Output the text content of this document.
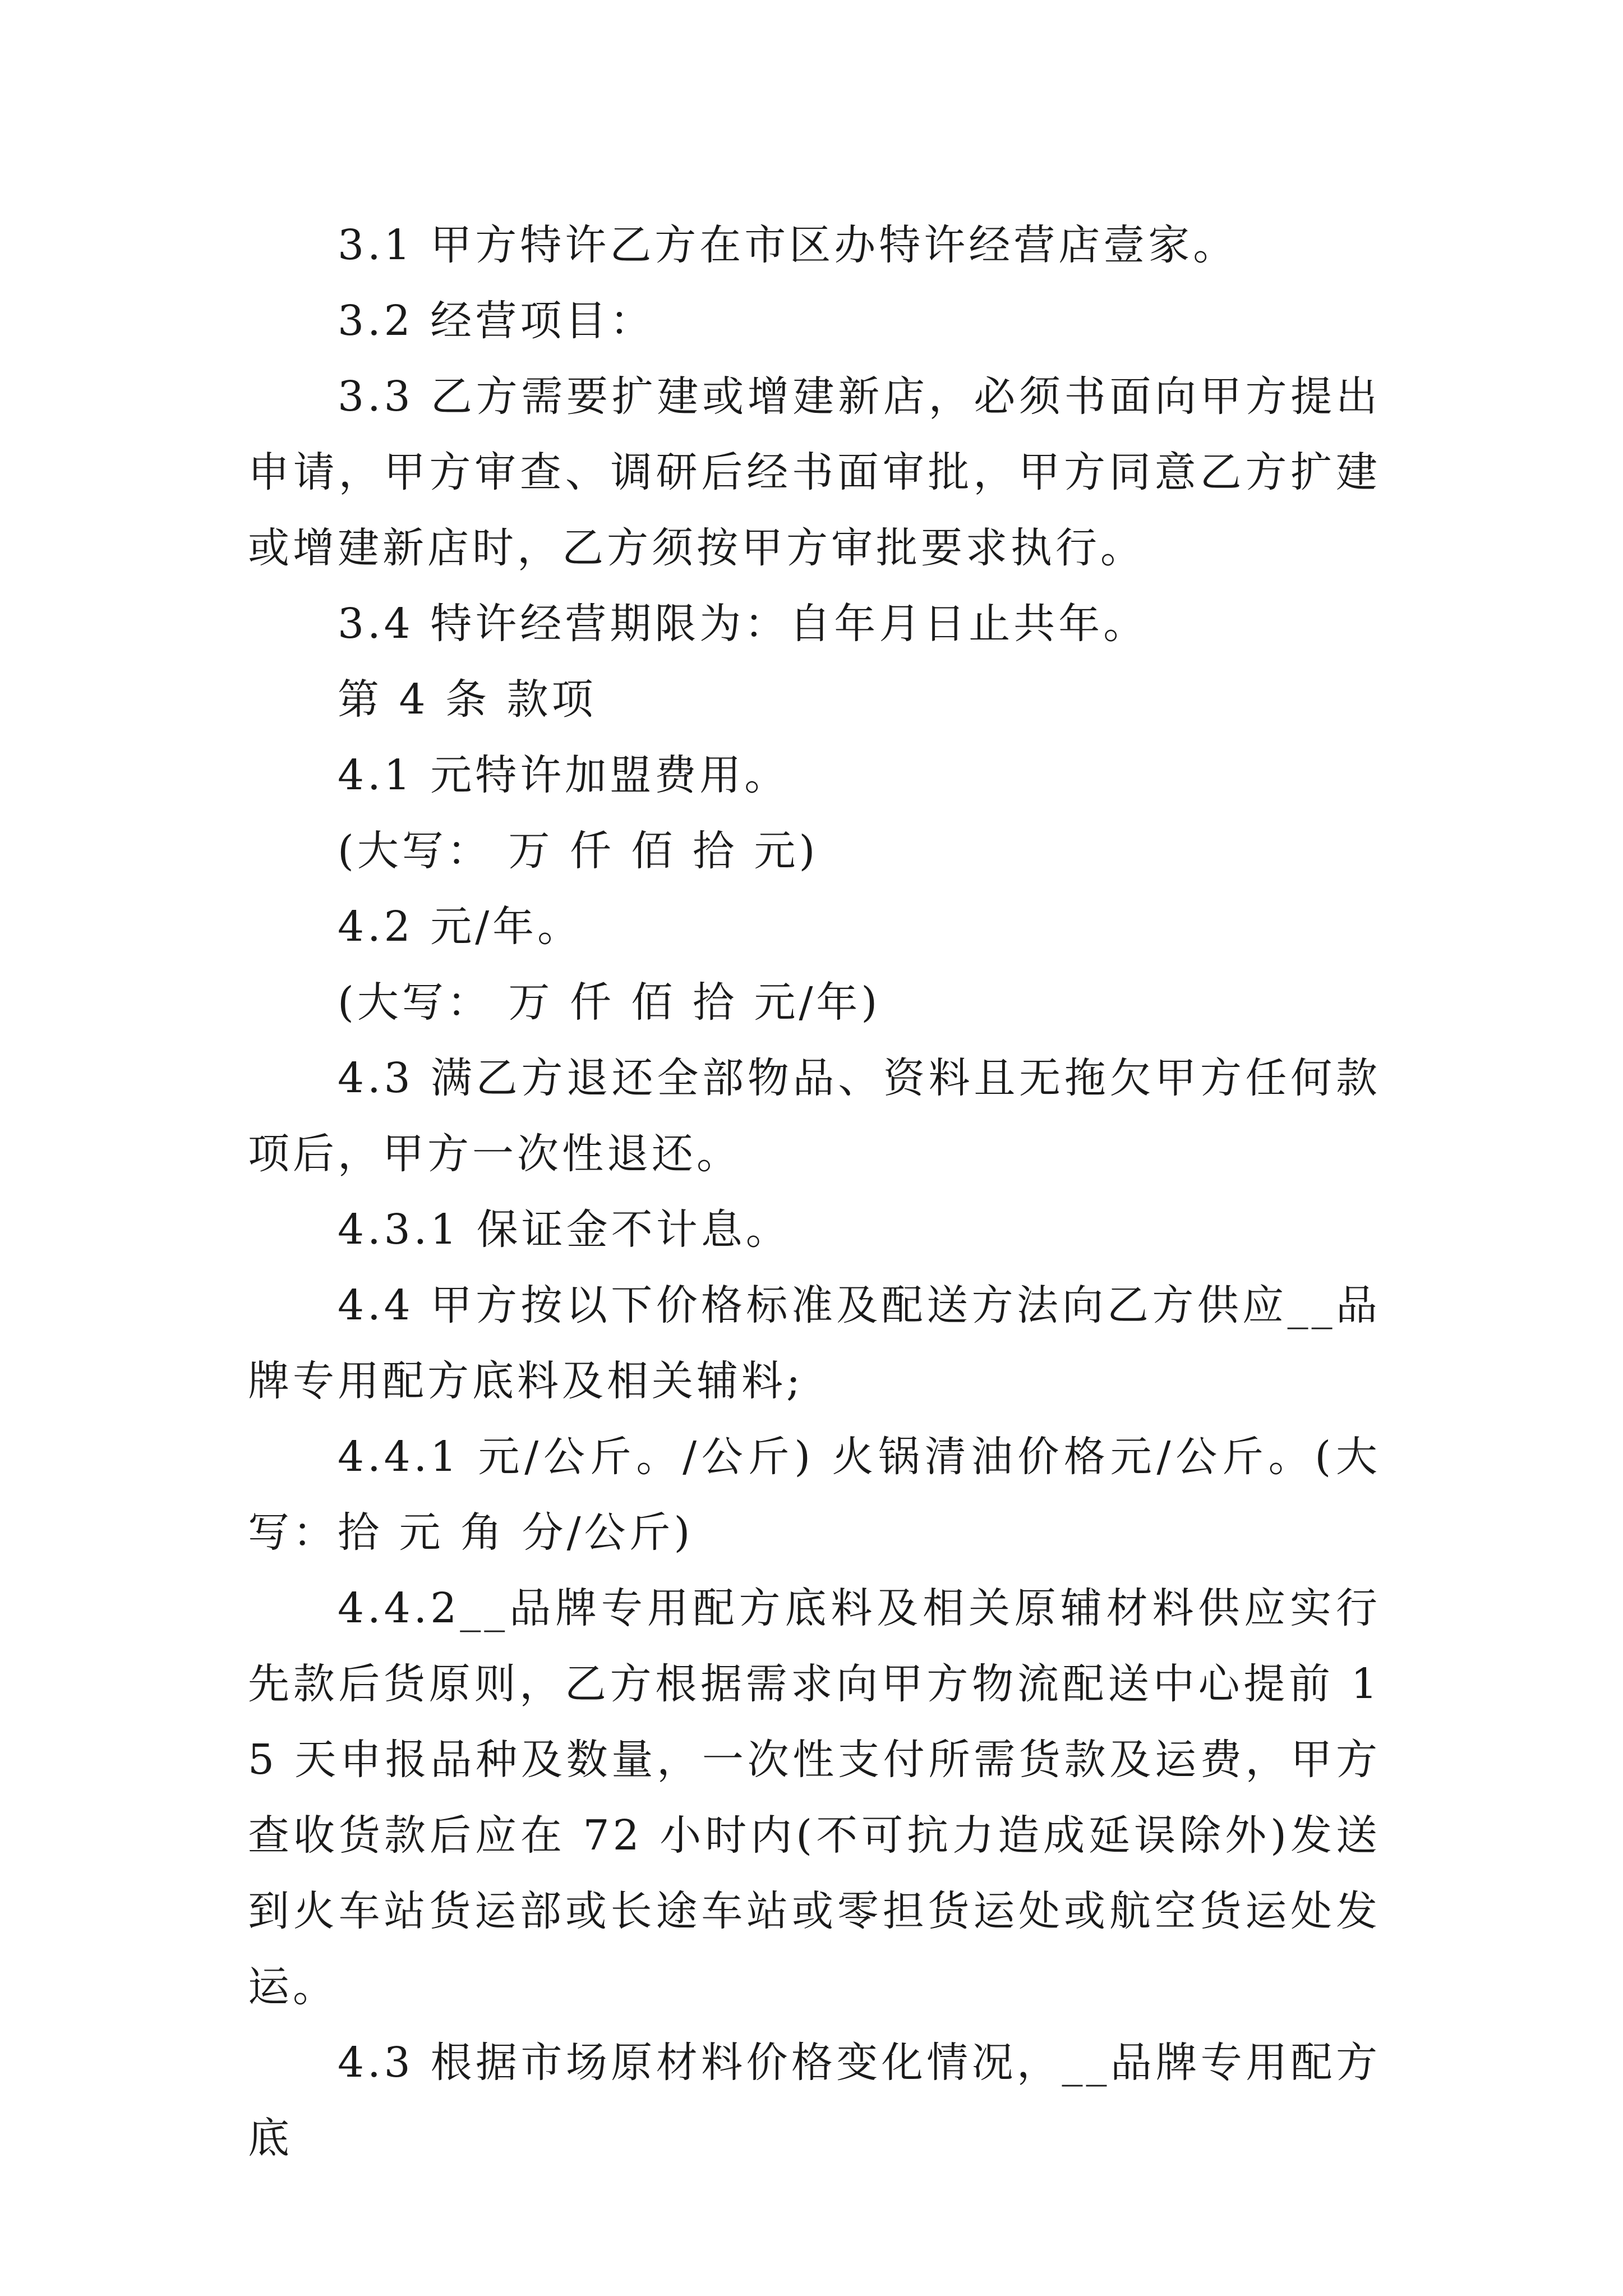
3.1 甲方特许乙方在市区办特许经营店壹家。

3.2 经营项目：

3.3 乙方需要扩建或增建新店，必须书面向甲方提出申请，甲方审查、调研后经书面审批，甲方同意乙方扩建或增建新店时，乙方须按甲方审批要求执行。

3.4 特许经营期限为：自年月日止共年。

第 4 条 款项

4.1 元特许加盟费用。

(大写： 万 仟 佰 拾 元)

4.2 元/年。

(大写： 万 仟 佰 拾 元/年)

4.3 满乙方退还全部物品、资料且无拖欠甲方任何款项后，甲方一次性退还。

4.3.1 保证金不计息。

4.4 甲方按以下价格标准及配送方法向乙方供应__品牌专用配方底料及相关辅料;

4.4.1 元/公斤。/公斤) 火锅清油价格元/公斤。(大写：拾 元 角 分/公斤)

4.4.2__品牌专用配方底料及相关原辅材料供应实行先款后货原则，乙方根据需求向甲方物流配送中心提前 15 天申报品种及数量，一次性支付所需货款及运费，甲方查收货款后应在 72 小时内(不可抗力造成延误除外)发送到火车站货运部或长途车站或零担货运处或航空货运处发运。

4.3 根据市场原材料价格变化情况，__品牌专用配方底
